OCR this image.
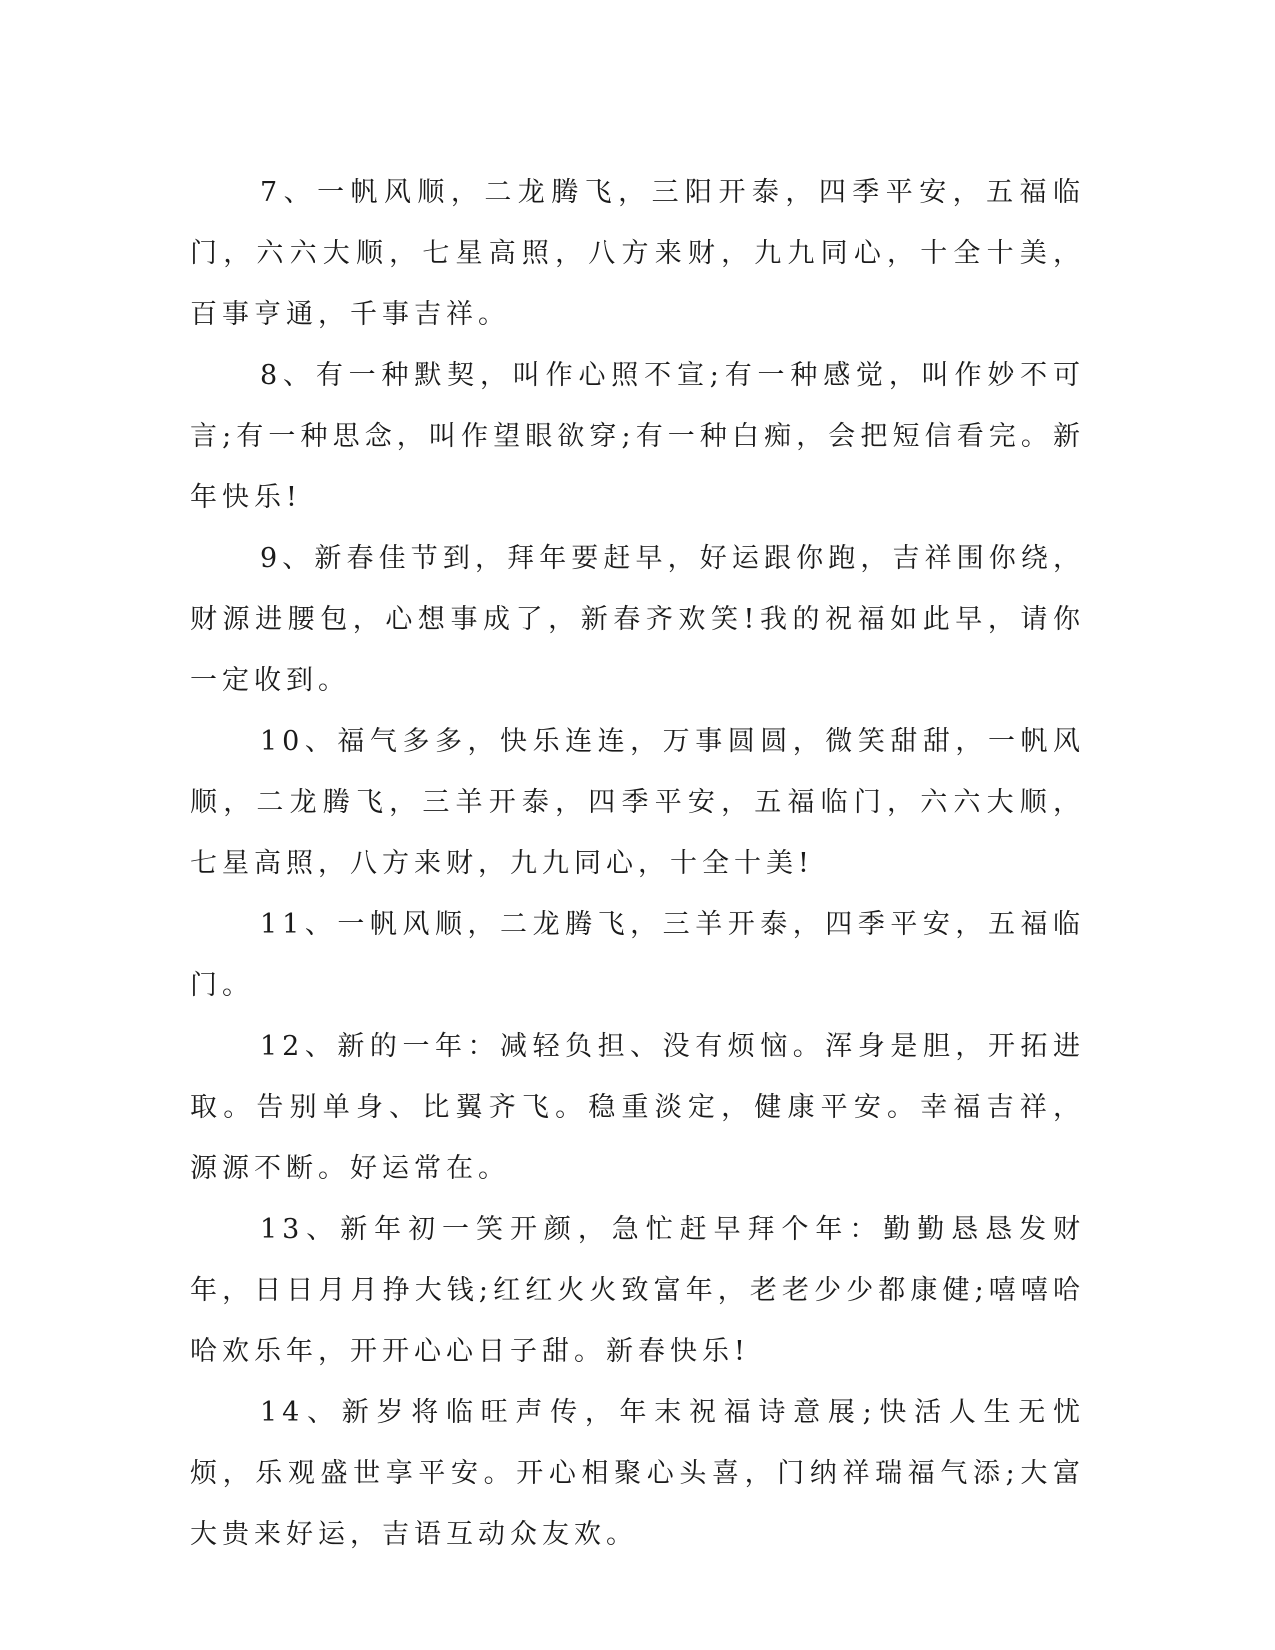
7、一帆风顺，二龙腾飞，三阳开泰，四季平安，五福临门，六六大顺，七星高照，八方来财，九九同心，十全十美，百事亨通，千事吉祥。

8、有一种默契，叫作心照不宣;有一种感觉，叫作妙不可言;有一种思念，叫作望眼欲穿;有一种白痴，会把短信看完。新年快乐!

9、新春佳节到，拜年要赶早，好运跟你跑，吉祥围你绕，财源进腰包，心想事成了，新春齐欢笑!我的祝福如此早，请你一定收到。

10、福气多多，快乐连连，万事圆圆，微笑甜甜，一帆风顺，二龙腾飞，三羊开泰，四季平安，五福临门，六六大顺，七星高照，八方来财，九九同心，十全十美!

11、一帆风顺，二龙腾飞，三羊开泰，四季平安，五福临门。

12、新的一年：减轻负担、没有烦恼。浑身是胆，开拓进取。告别单身、比翼齐飞。稳重淡定，健康平安。幸福吉祥，源源不断。好运常在。

13、新年初一笑开颜，急忙赶早拜个年：勤勤恳恳发财年，日日月月挣大钱;红红火火致富年，老老少少都康健;嘻嘻哈哈欢乐年，开开心心日子甜。新春快乐!

14、新岁将临旺声传，年末祝福诗意展;快活人生无忧烦，乐观盛世享平安。开心相聚心头喜，门纳祥瑞福气添;大富大贵来好运，吉语互动众友欢。
